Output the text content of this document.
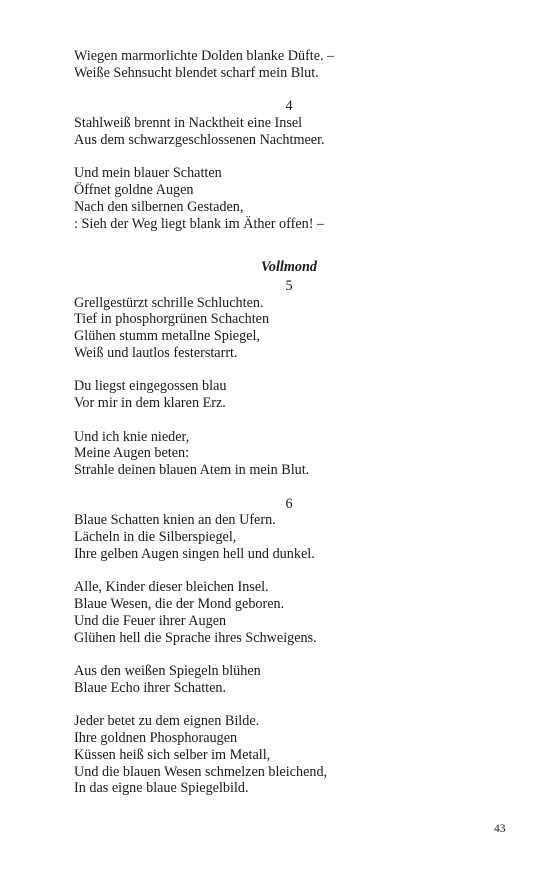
Wiegen marmorlichte Dolden blanke Düfte. –
Weiße Sehnsucht blendet scharf mein Blut.
4
Stahlweiß brennt in Nacktheit eine Insel
Aus dem schwarzgeschlossenen Nachtmeer.
Und mein blauer Schatten
Öffnet goldne Augen
Nach den silbernen Gestaden,
: Sieh der Weg liegt blank im Äther offen! –
Vollmond
5
Grellgestürzt schrille Schluchten.
Tief in phosphorgrünen Schachten
Glühen stumm metallne Spiegel,
Weiß und lautlos festerstarrt.
Du liegst eingegossen blau
Vor mir in dem klaren Erz.
Und ich knie nieder,
Meine Augen beten:
Strahle deinen blauen Atem in mein Blut.
6
Blaue Schatten knien an den Ufern.
Lächeln in die Silberspiegel,
Ihre gelben Augen singen hell und dunkel.
Alle, Kinder dieser bleichen Insel.
Blaue Wesen, die der Mond geboren.
Und die Feuer ihrer Augen
Glühen hell die Sprache ihres Schweigens.
Aus den weißen Spiegeln blühen
Blaue Echo ihrer Schatten.
Jeder betet zu dem eignen Bilde.
Ihre goldnen Phosphoraugen
Küssen heiß sich selber im Metall,
Und die blauen Wesen schmelzen bleichend,
In das eigne blaue Spiegelbild.
43
